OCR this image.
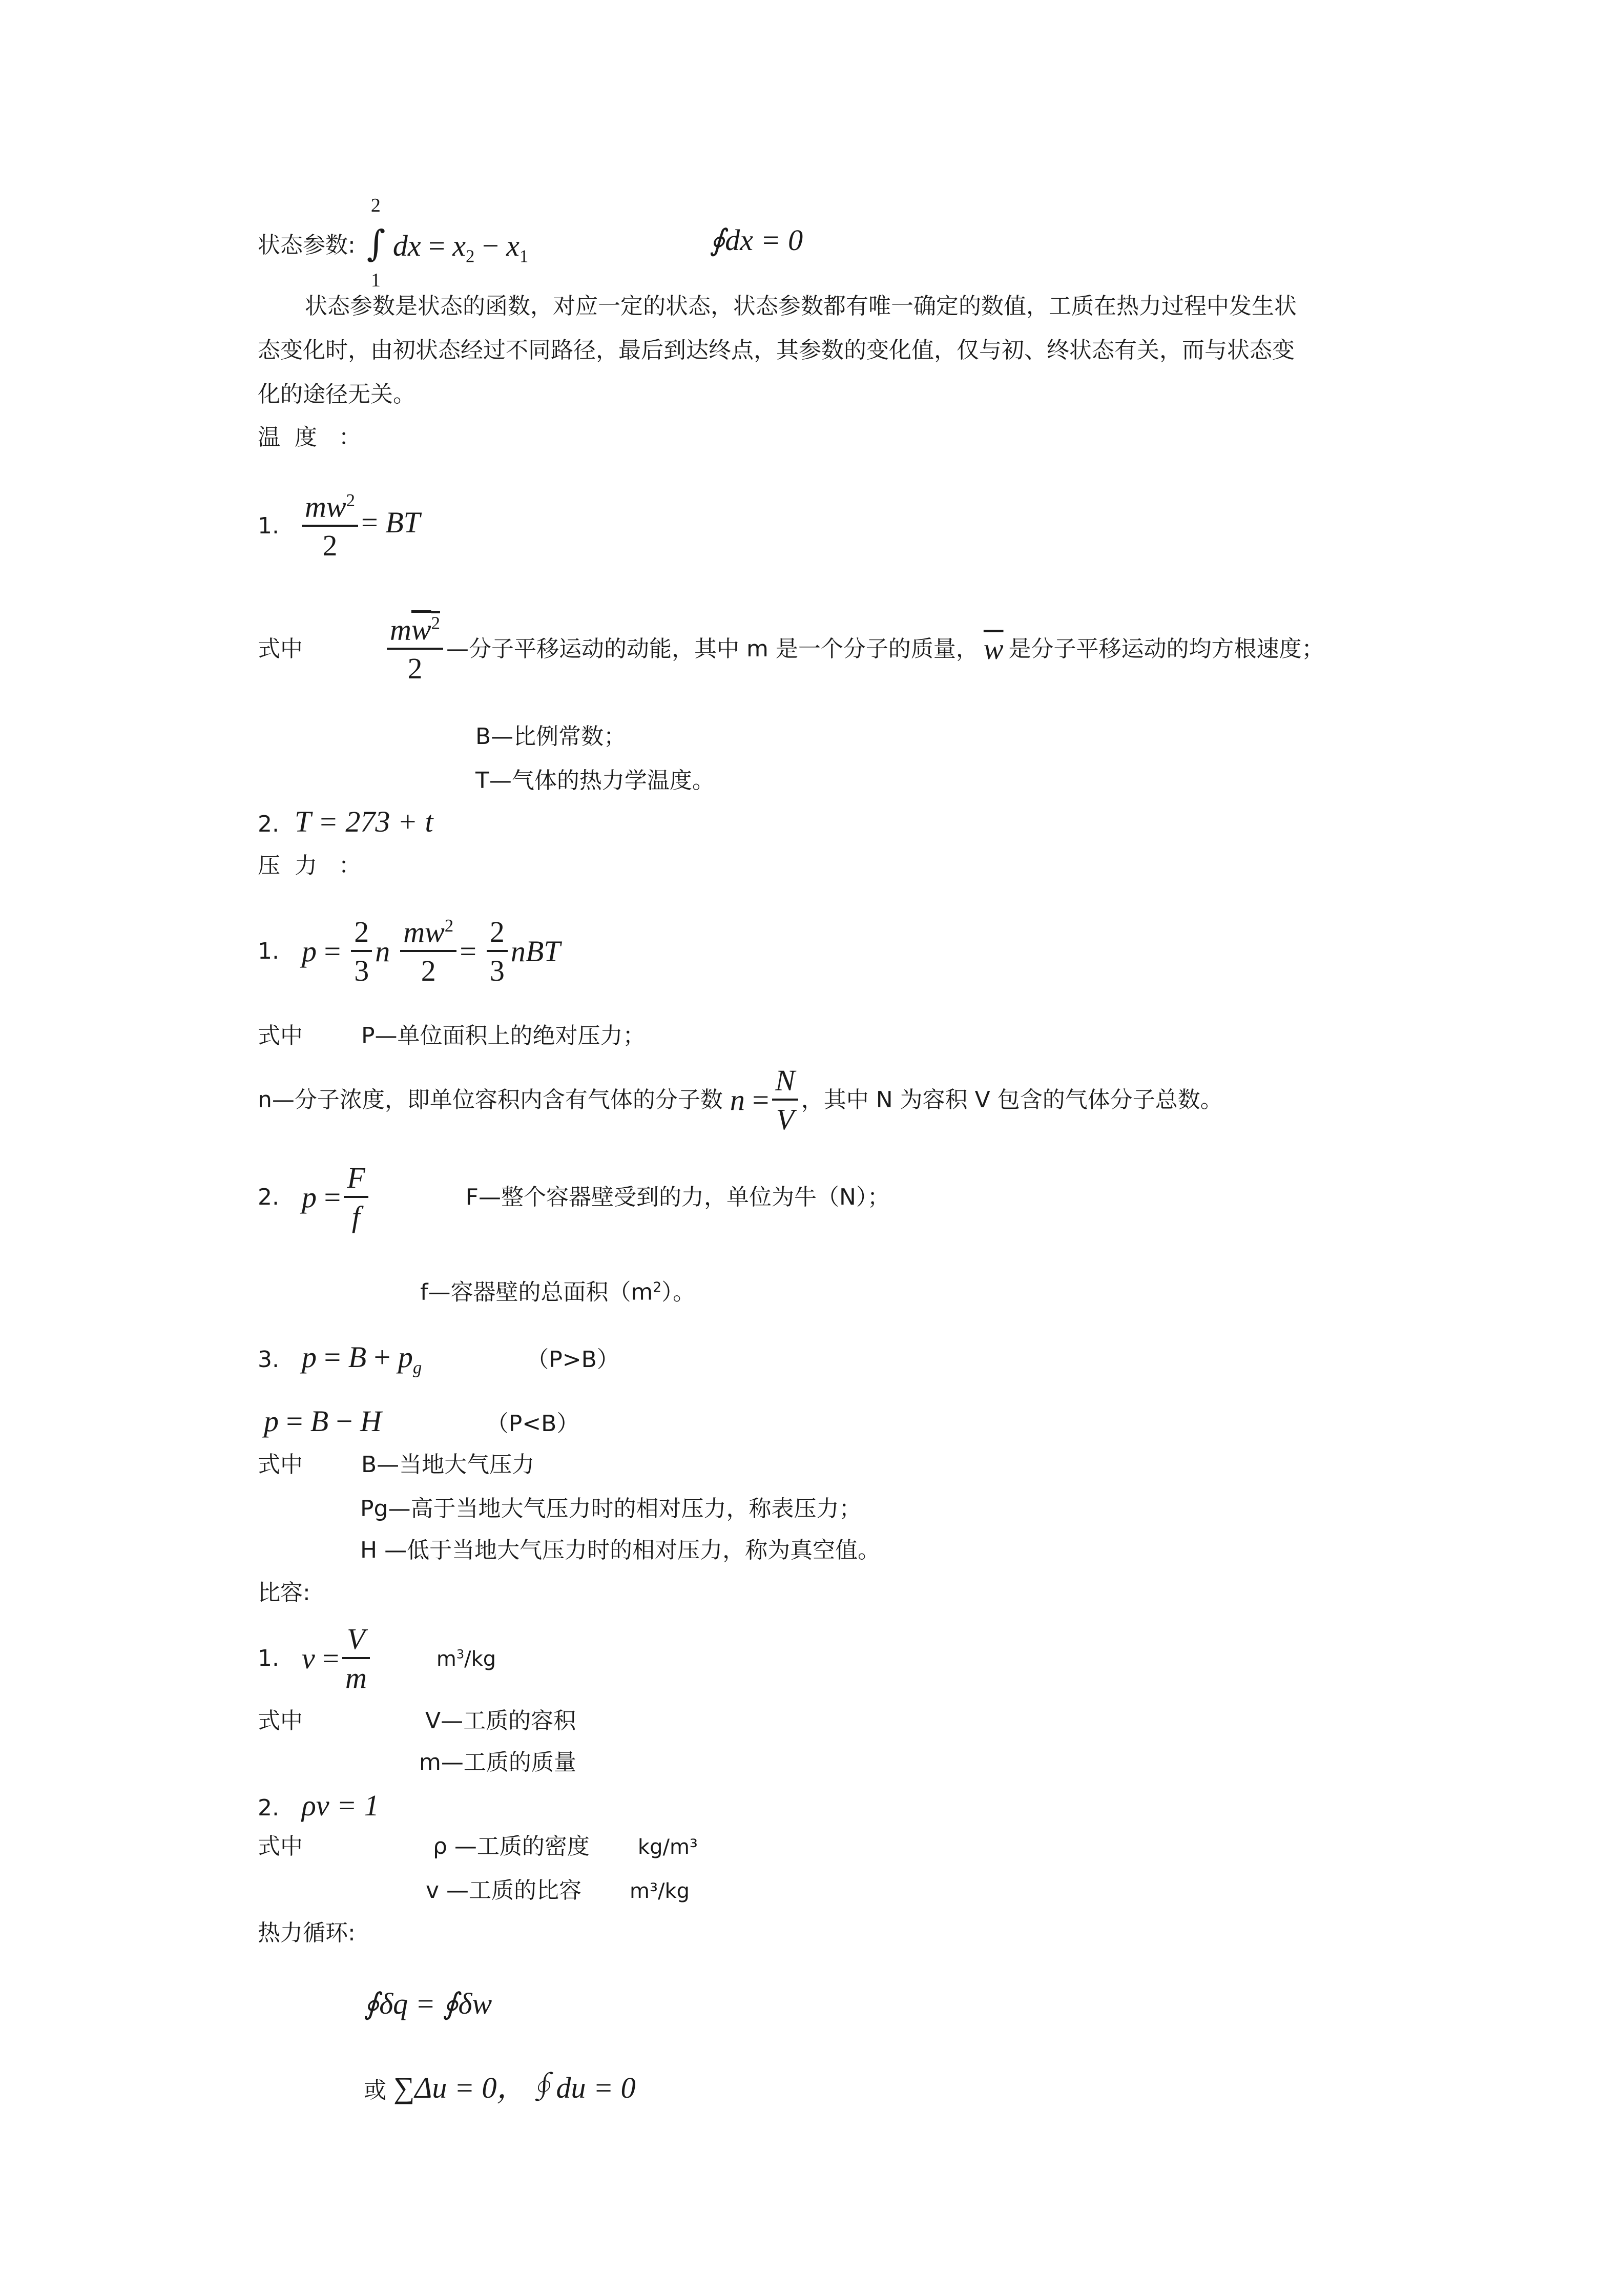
状态参数:
2
∫
1
dx = $x_2 - x_1$	∮dx = 0
状态参数是状态的函数，对应一定的状态，状态参数都有唯一确定的数值，工质在热力过程中发生状
态变化时，由初状态经过不同路径，最后到达终点，其参数的变化值，仅与初、终状态有关，而与状态变
化的途径无关。
温  度   ：
1. $\frac{mw^2}{2}$ = BT
式中	$\frac{mw^2}{2}$ —分子平移运动的动能，其中 m 是一个分子的质量， $\overline{w}$ 是分子平移运动的均方根速度；
B—比例常数；
T—气体的热力学温度。
2. T = 273 + t
压  力   ：
1. $p = \frac{2}{3}$ n $\frac{mw^2}{2} = \frac{2}{3}$ nBT
式中	P—单位面积上的绝对压力；
n—分子浓度，即单位容积内含有气体的分子数 $n = \frac{N}{V}$ ，其中 N 为容积 V 包含的气体分子总数。
2. $p = \frac{F}{f}$	F—整个容器壁受到的力，单位为牛（N）；
f—容器壁的总面积$(m^2)$。
3. $p = B + p_g$	（P>B）
p = B − H	（P<B）
式中	B—当地大气压力
Pg—高于当地大气压力时的相对压力，称表压力；
H —低于当地大气压力时的相对压力，称为真空值。
比容:
1. $v = \frac{V}{m}$	$m^3/kg$
式中	V—工质的容积
m—工质的质量
2. ρv = 1
式中	ρ —工质的密度 kg/m³
v —工质的比容 m³/kg
热力循环:
∮δq = ∮δw
或 ∑Δu = 0，∮du = 0
